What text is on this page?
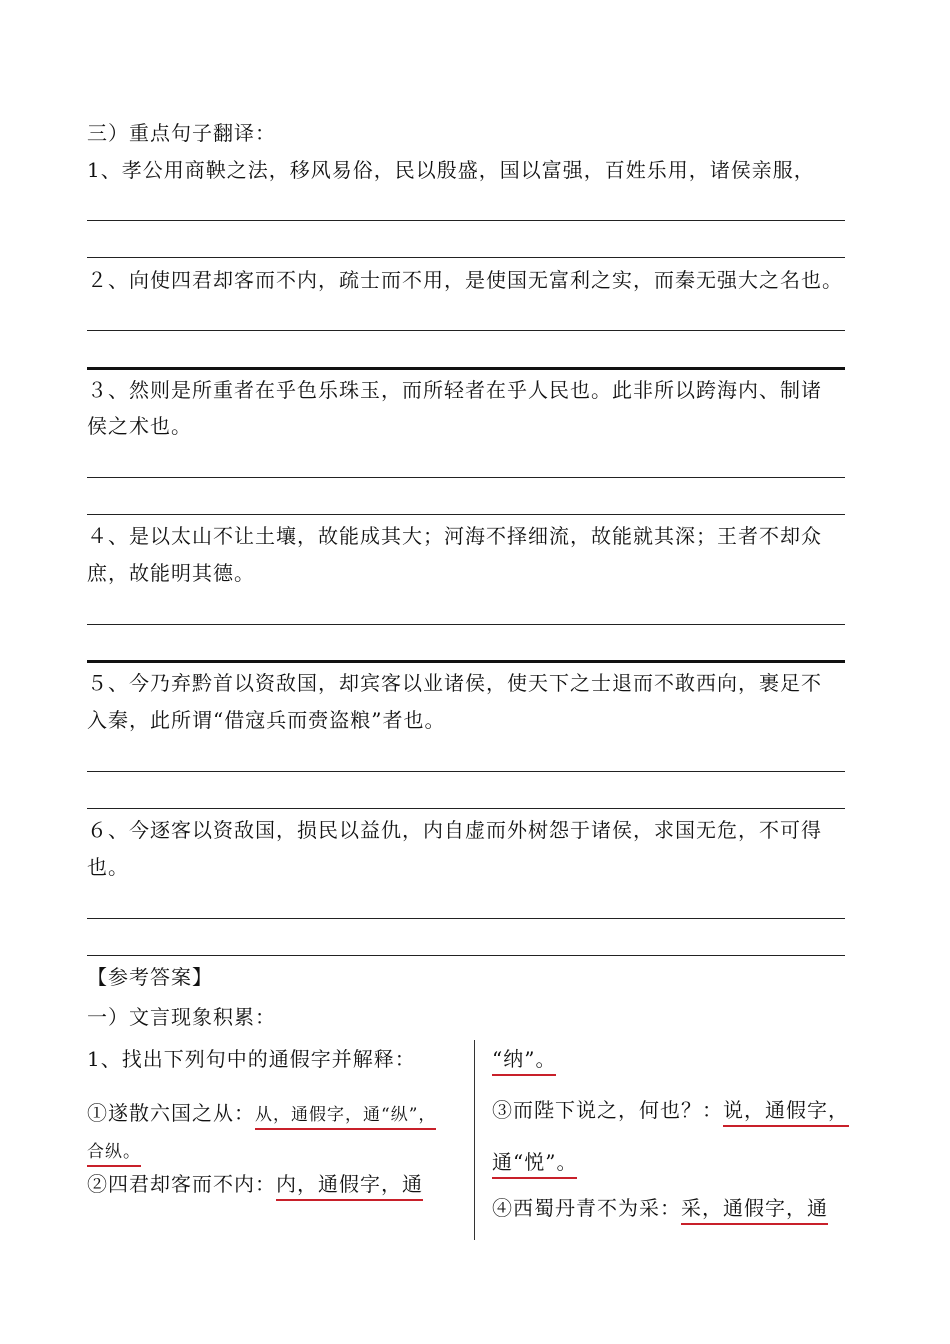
三）重点句子翻译：
1、孝公用商鞅之法，移风易俗，民以殷盛，国以富强，百姓乐用，诸侯亲服，
２、向使四君却客而不内，疏士而不用，是使国无富利之实，而秦无强大之名也。
３、然则是所重者在乎色乐珠玉，而所轻者在乎人民也。此非所以跨海内、制诸
侯之术也。
４、是以太山不让土壤，故能成其大；河海不择细流，故能就其深；王者不却众
庶，故能明其德。
５、今乃弃黔首以资敌国，却宾客以业诸侯，使天下之士退而不敢西向，裹足不
入秦，此所谓“借寇兵而赍盗粮”者也。
６、今逐客以资敌国，损民以益仇，内自虚而外树怨于诸侯，求国无危，不可得
也。
【参考答案】
一）文言现象积累：
1、找出下列句中的通假字并解释：
①遂散六国之从：从，通假字，通“纵”，
合纵。
②四君却客而不内：内，通假字，通
“纳”。
③而陛下说之，何也？：说，通假字，
通“悦”。
④西蜀丹青不为采：采，通假字，通
